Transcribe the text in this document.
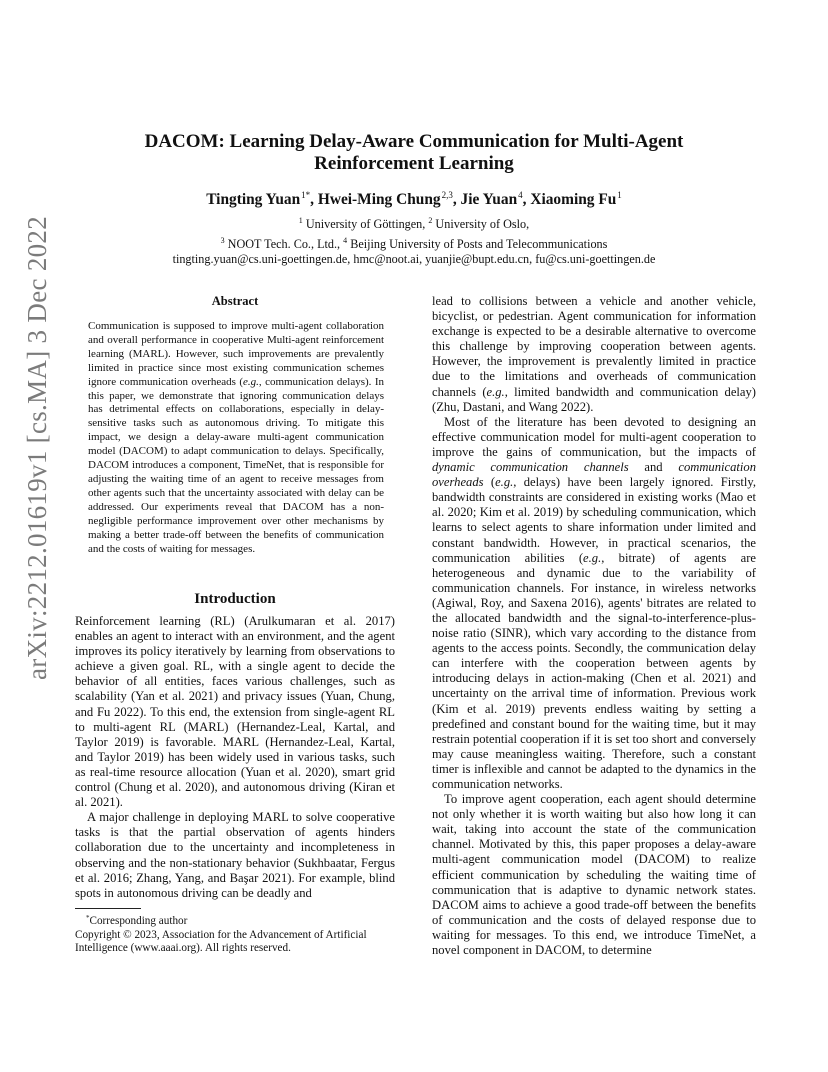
arXiv:2212.01619v1 [cs.MA] 3 Dec 2022
DACOM: Learning Delay-Aware Communication for Multi-Agent
Reinforcement Learning
Tingting Yuan$^{1*}$, Hwei-Ming Chung$^{2,3}$, Jie Yuan$^4$, Xiaoming Fu$^1$
$^1$ University of Göttingen, $^2$ University of Oslo,
$^3$ NOOT Tech. Co., Ltd., $^4$ Beijing University of Posts and Telecommunications
tingting.yuan@cs.uni-goettingen.de, hmc@noot.ai, yuanjie@bupt.edu.cn, fu@cs.uni-goettingen.de
Abstract
Communication is supposed to improve multi-agent collaboration and overall performance in cooperative Multi-agent reinforcement learning (MARL). However, such improvements are prevalently limited in practice since most existing communication schemes ignore communication overheads (e.g., communication delays). In this paper, we demonstrate that ignoring communication delays has detrimental effects on collaborations, especially in delay-sensitive tasks such as autonomous driving. To mitigate this impact, we design a delay-aware multi-agent communication model (DACOM) to adapt communication to delays. Specifically, DACOM introduces a component, TimeNet, that is responsible for adjusting the waiting time of an agent to receive messages from other agents such that the uncertainty associated with delay can be addressed. Our experiments reveal that DACOM has a non-negligible performance improvement over other mechanisms by making a better trade-off between the benefits of communication and the costs of waiting for messages.
Introduction

Reinforcement learning (RL) (Arulkumaran et al. 2017) enables an agent to interact with an environment, and the agent improves its policy iteratively by learning from observations to achieve a given goal. RL, with a single agent to decide the behavior of all entities, faces various challenges, such as scalability (Yan et al. 2021) and privacy issues (Yuan, Chung, and Fu 2022). To this end, the extension from single-agent RL to multi-agent RL (MARL) (Hernandez-Leal, Kartal, and Taylor 2019) is favorable. MARL (Hernandez-Leal, Kartal, and Taylor 2019) has been widely used in various tasks, such as real-time resource allocation (Yuan et al. 2020), smart grid control (Chung et al. 2020), and autonomous driving (Kiran et al. 2021).

A major challenge in deploying MARL to solve cooperative tasks is that the partial observation of agents hinders collaboration due to the uncertainty and incompleteness in observing and the non-stationary behavior (Sukhbaatar, Fergus et al. 2016; Zhang, Yang, and Başar 2021). For example, blind spots in autonomous driving can be deadly and

*Corresponding author
Copyright © 2023, Association for the Advancement of Artificial Intelligence (www.aaai.org). All rights reserved.

lead to collisions between a vehicle and another vehicle, bicyclist, or pedestrian. Agent communication for information exchange is expected to be a desirable alternative to overcome this challenge by improving cooperation between agents. However, the improvement is prevalently limited in practice due to the limitations and overheads of communication channels (e.g., limited bandwidth and communication delay) (Zhu, Dastani, and Wang 2022).

Most of the literature has been devoted to designing an effective communication model for multi-agent cooperation to improve the gains of communication, but the impacts of dynamic communication channels and communication overheads (e.g., delays) have been largely ignored. Firstly, bandwidth constraints are considered in existing works (Mao et al. 2020; Kim et al. 2019) by scheduling communication, which learns to select agents to share information under limited and constant bandwidth. However, in practical scenarios, the communication abilities (e.g., bitrate) of agents are heterogeneous and dynamic due to the variability of communication channels. For instance, in wireless networks (Agiwal, Roy, and Saxena 2016), agents' bitrates are related to the allocated bandwidth and the signal-to-interference-plus-noise ratio (SINR), which vary according to the distance from agents to the access points. Secondly, the communication delay can interfere with the cooperation between agents by introducing delays in action-making (Chen et al. 2021) and uncertainty on the arrival time of information. Previous work (Kim et al. 2019) prevents endless waiting by setting a predefined and constant bound for the waiting time, but it may restrain potential cooperation if it is set too short and conversely may cause meaningless waiting. Therefore, such a constant timer is inflexible and cannot be adapted to the dynamics in the communication networks.

To improve agent cooperation, each agent should determine not only whether it is worth waiting but also how long it can wait, taking into account the state of the communication channel. Motivated by this, this paper proposes a delay-aware multi-agent communication model (DACOM) to realize efficient communication by scheduling the waiting time of communication that is adaptive to dynamic network states. DACOM aims to achieve a good trade-off between the benefits of communication and the costs of delayed response due to waiting for messages. To this end, we introduce TimeNet, a novel component in DACOM, to determine
